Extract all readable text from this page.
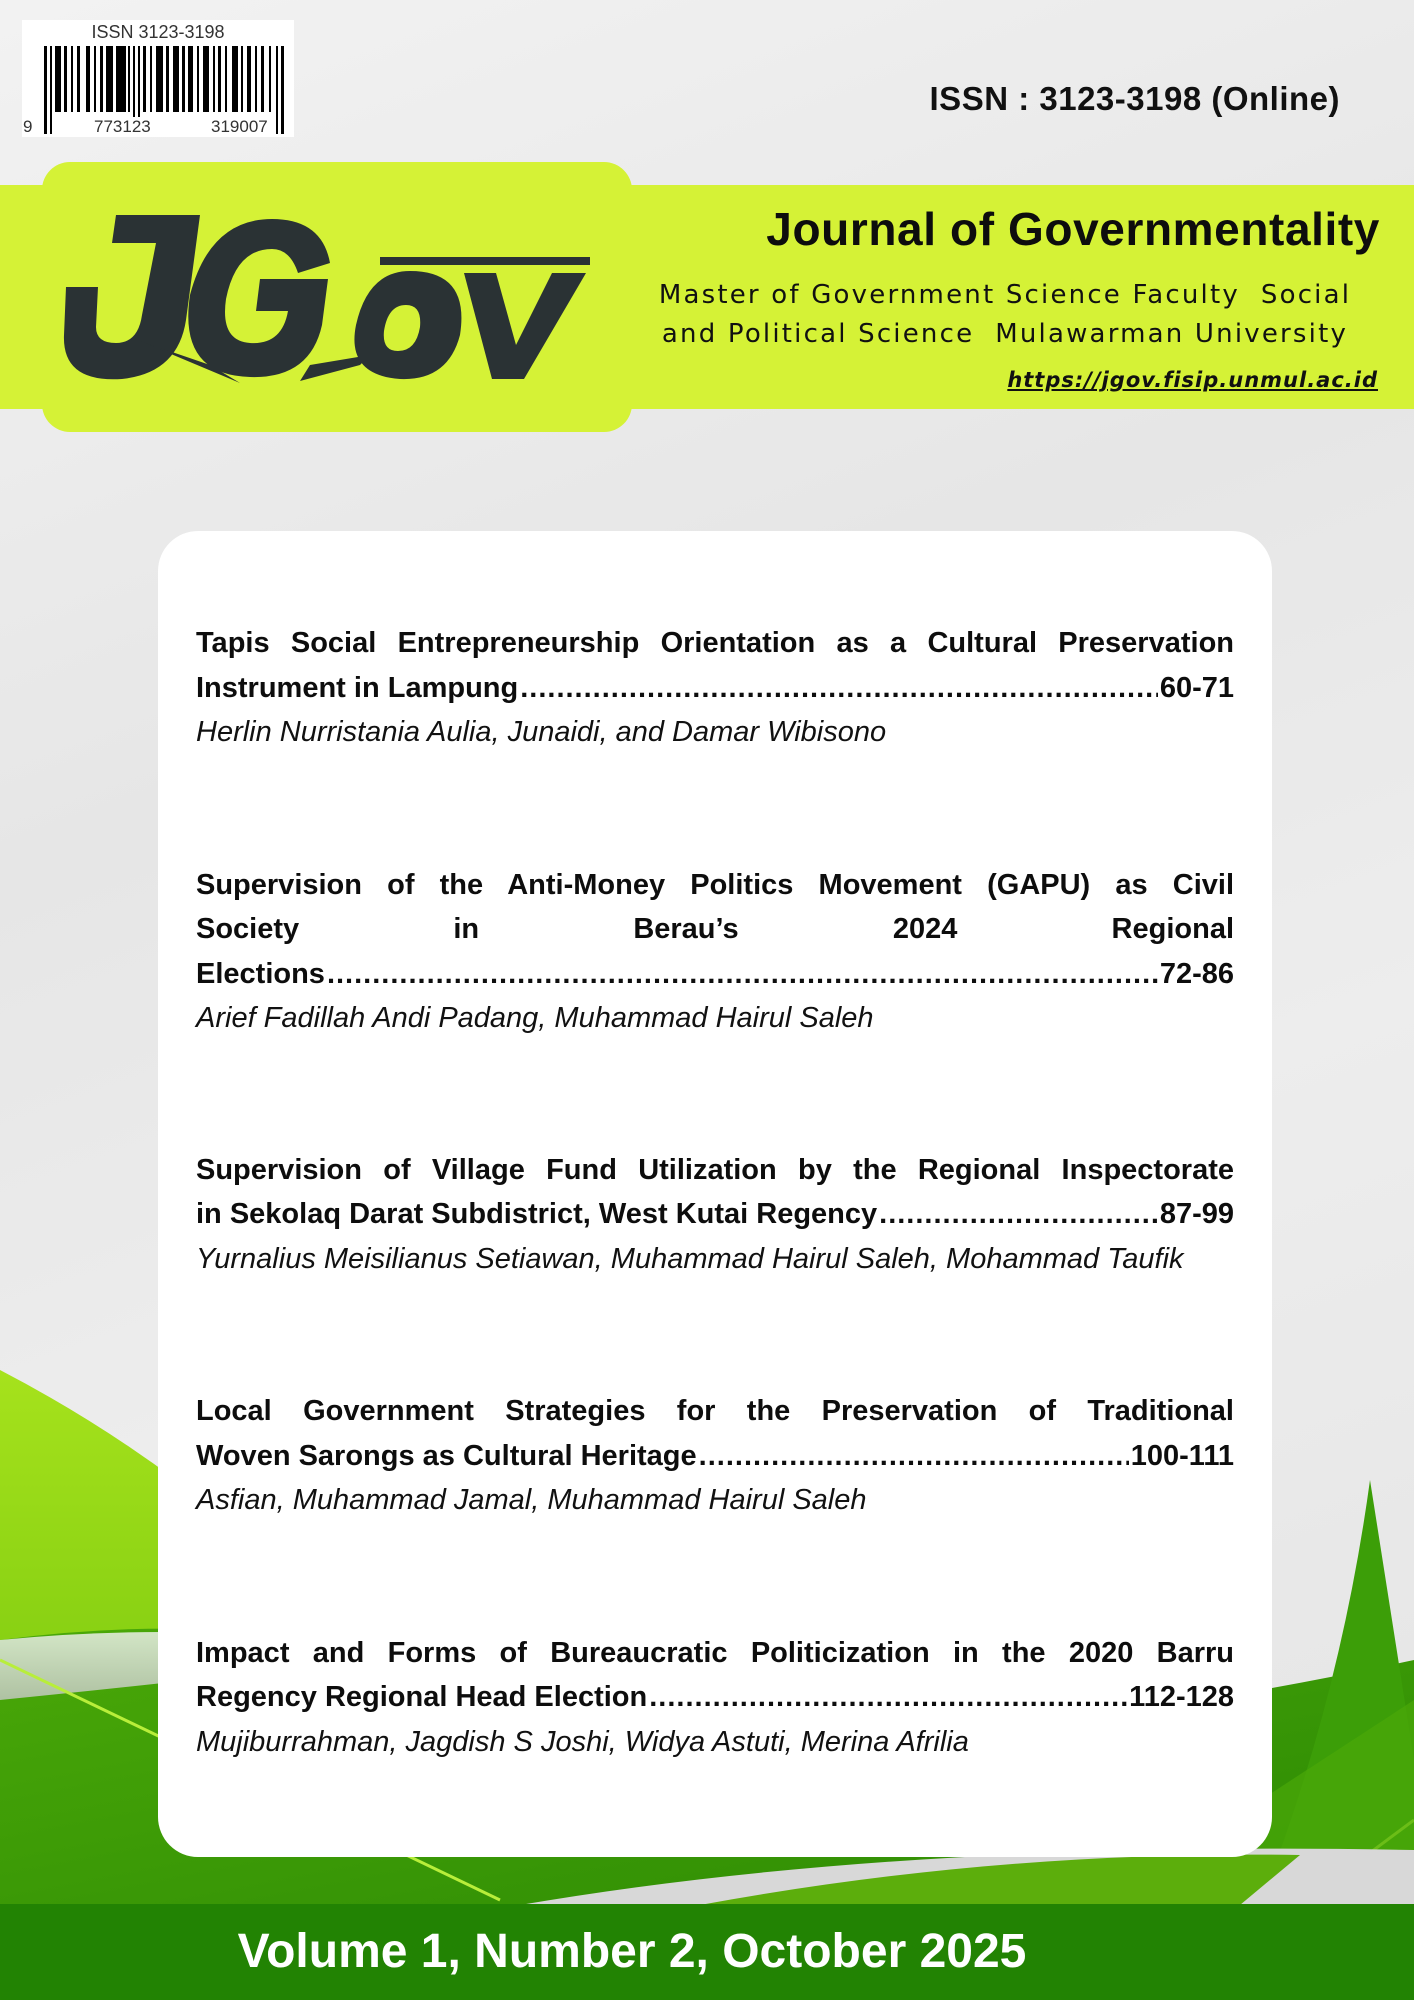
ISSN 3123-3198
9	773123	319007
ISSN : 3123-3198 (Online)
Journal of Governmentality
Master of Government Science Faculty  Social
and Political Science  Mulawarman University
https://jgov.fisip.unmul.ac.id
Tapis Social Entrepreneurship Orientation as a Cultural Preservation
Instrument in Lampung .....	60-71
Herlin Nurristania Aulia, Junaidi, and Damar Wibisono
Supervision of the Anti-Money Politics Movement (GAPU) as Civil
Society in Berau’s 2024 Regional
Elections .....	72-86
Arief Fadillah Andi Padang, Muhammad Hairul Saleh
Supervision of Village Fund Utilization by the Regional Inspectorate
in Sekolaq Darat Subdistrict, West Kutai Regency .....	87-99
Yurnalius Meisilianus Setiawan, Muhammad Hairul Saleh, Mohammad Taufik
Local Government Strategies for the Preservation of Traditional
Woven Sarongs as Cultural Heritage .....	100-111
Asfian, Muhammad Jamal, Muhammad Hairul Saleh
Impact and Forms of Bureaucratic Politicization in the 2020 Barru
Regency Regional Head Election .....	112-128
Mujiburrahman, Jagdish S Joshi, Widya Astuti, Merina Afrilia
Volume 1, Number 2, October 2025
